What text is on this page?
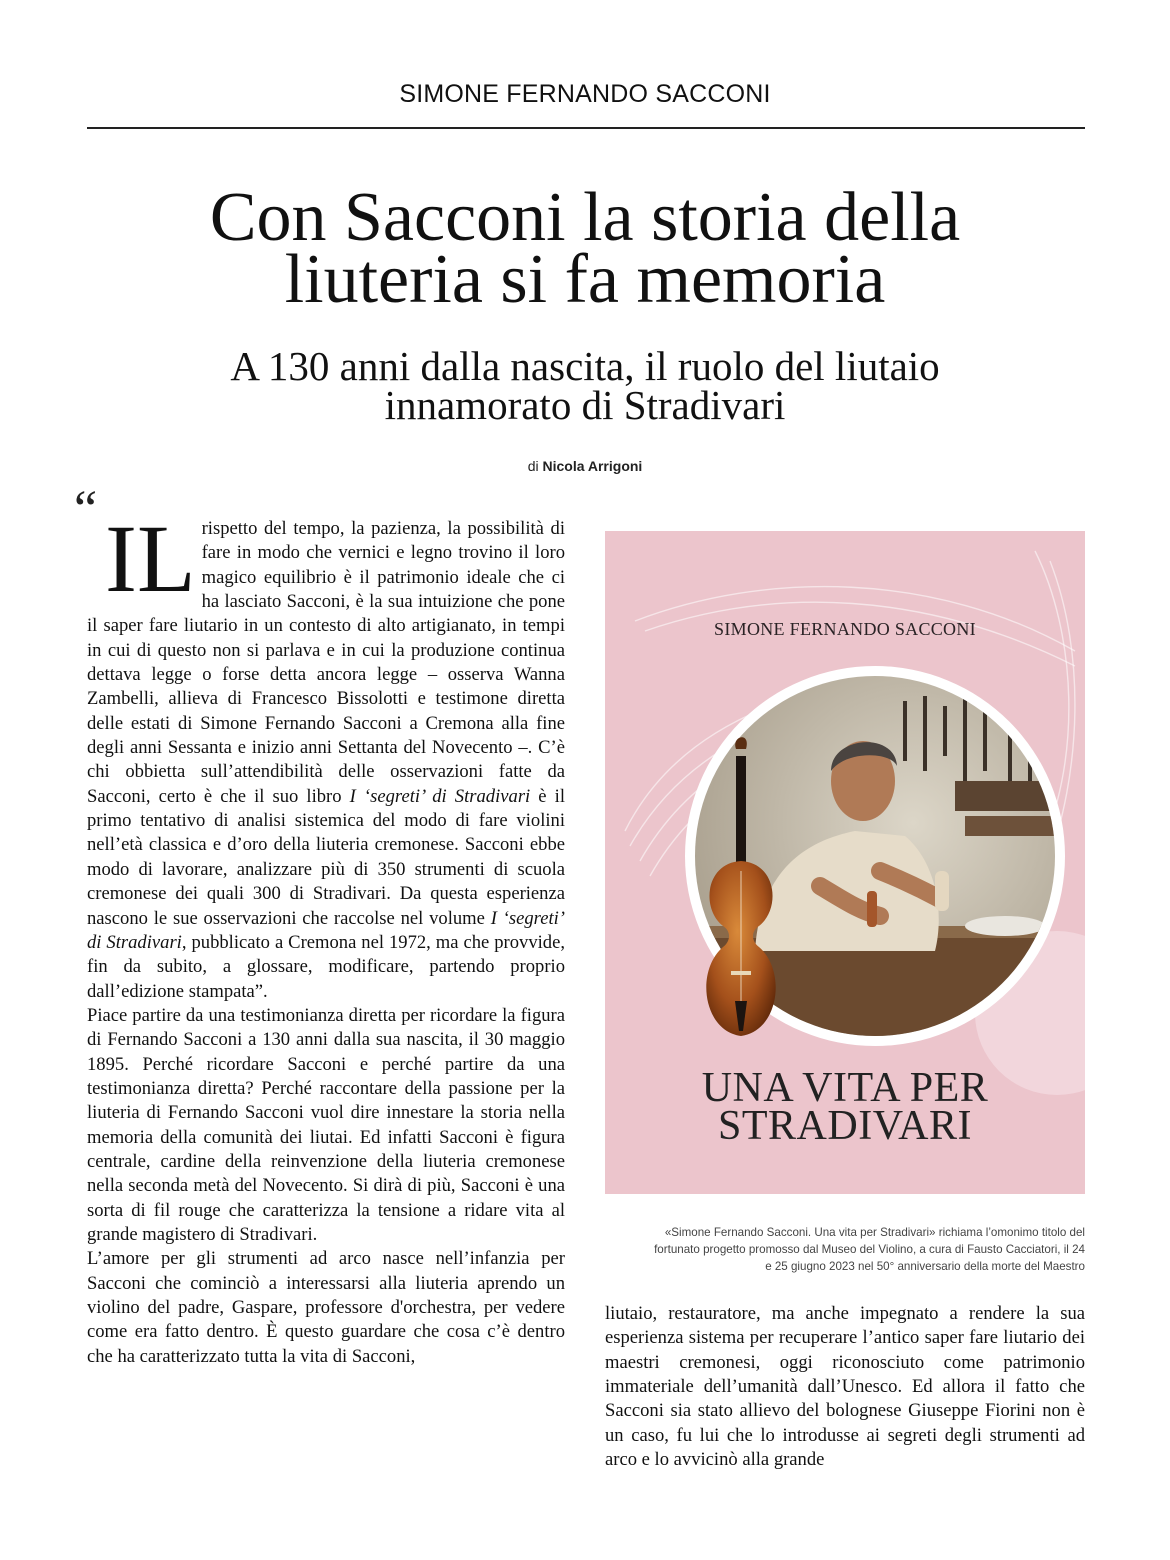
SIMONE FERNANDO SACCONI
Con Sacconi la storia della
liuteria si fa memoria
A 130 anni dalla nascita, il ruolo del liutaio
innamorato di Stradivari
di Nicola Arrigoni
“ IL rispetto del tempo, la pazienza, la possibilità di fare in modo che vernici e legno trovino il loro magico equilibrio è il patrimonio ideale che ci ha lasciato Sacconi, è la sua intuizione che pone il saper fare liutario in un contesto di alto artigianato, in tempi in cui di questo non si parlava e in cui la produzione continua dettava legge o forse detta ancora legge – osserva Wanna Zambelli, allieva di Francesco Bissolotti e testimone diretta delle estati di Simone Fernando Sacconi a Cremona alla fine degli anni Sessanta e inizio anni Settanta del Novecento –. C’è chi obbietta sull’attendibilità delle osservazioni fatte da Sacconi, certo è che il suo libro I ‘segreti’ di Stradivari è il primo tentativo di analisi sistemica del modo di fare violini nell’età classica e d’oro della liuteria cremonese. Sacconi ebbe modo di lavorare, analizzare più di 350 strumenti di scuola cremonese dei quali 300 di Stradivari. Da questa esperienza nascono le sue osservazioni che raccolse nel volume I ‘segreti’ di Stradivari, pubblicato a Cremona nel 1972, ma che provvide, fin da subito, a glossare, modificare, partendo proprio dall’edizione stampata”.

Piace partire da una testimonianza diretta per ricordare la figura di Fernando Sacconi a 130 anni dalla sua nascita, il 30 maggio 1895. Perché ricordare Sacconi e perché partire da una testimonianza diretta? Perché raccontare della passione per la liuteria di Fernando Sacconi vuol dire innestare la storia nella memoria della comunità dei liutai. Ed infatti Sacconi è figura centrale, cardine della reinvenzione della liuteria cremonese nella seconda metà del Novecento. Si dirà di più, Sacconi è una sorta di fil rouge che caratterizza la tensione a ridare vita al grande magistero di Stradivari.

L’amore per gli strumenti ad arco nasce nell’infanzia per Sacconi che cominciò a interessarsi alla liuteria aprendo un violino del padre, Gaspare, professore d'orchestra, per vedere come era fatto dentro. È questo guardare che cosa c’è dentro che ha caratterizzato tutta la vita di Sacconi,

SIMONE FERNANDO SACCONI
UNA VITA PER
STRADIVARI
«Simone Fernando Sacconi. Una vita per Stradivari» richiama l’omonimo titolo del
fortunato progetto promosso dal Museo del Violino, a cura di Fausto Cacciatori, il 24
e 25 giugno 2023 nel 50° anniversario della morte del Maestro

liutaio, restauratore, ma anche impegnato a rendere la sua esperienza sistema per recuperare l’antico saper fare liutario dei maestri cremonesi, oggi riconosciuto come patrimonio immateriale dell’umanità dall’Unesco. Ed allora il fatto che Sacconi sia stato allievo del bolognese Giuseppe Fiorini non è un caso, fu lui che lo introdusse ai segreti degli strumenti ad arco e lo avvicinò alla grande
